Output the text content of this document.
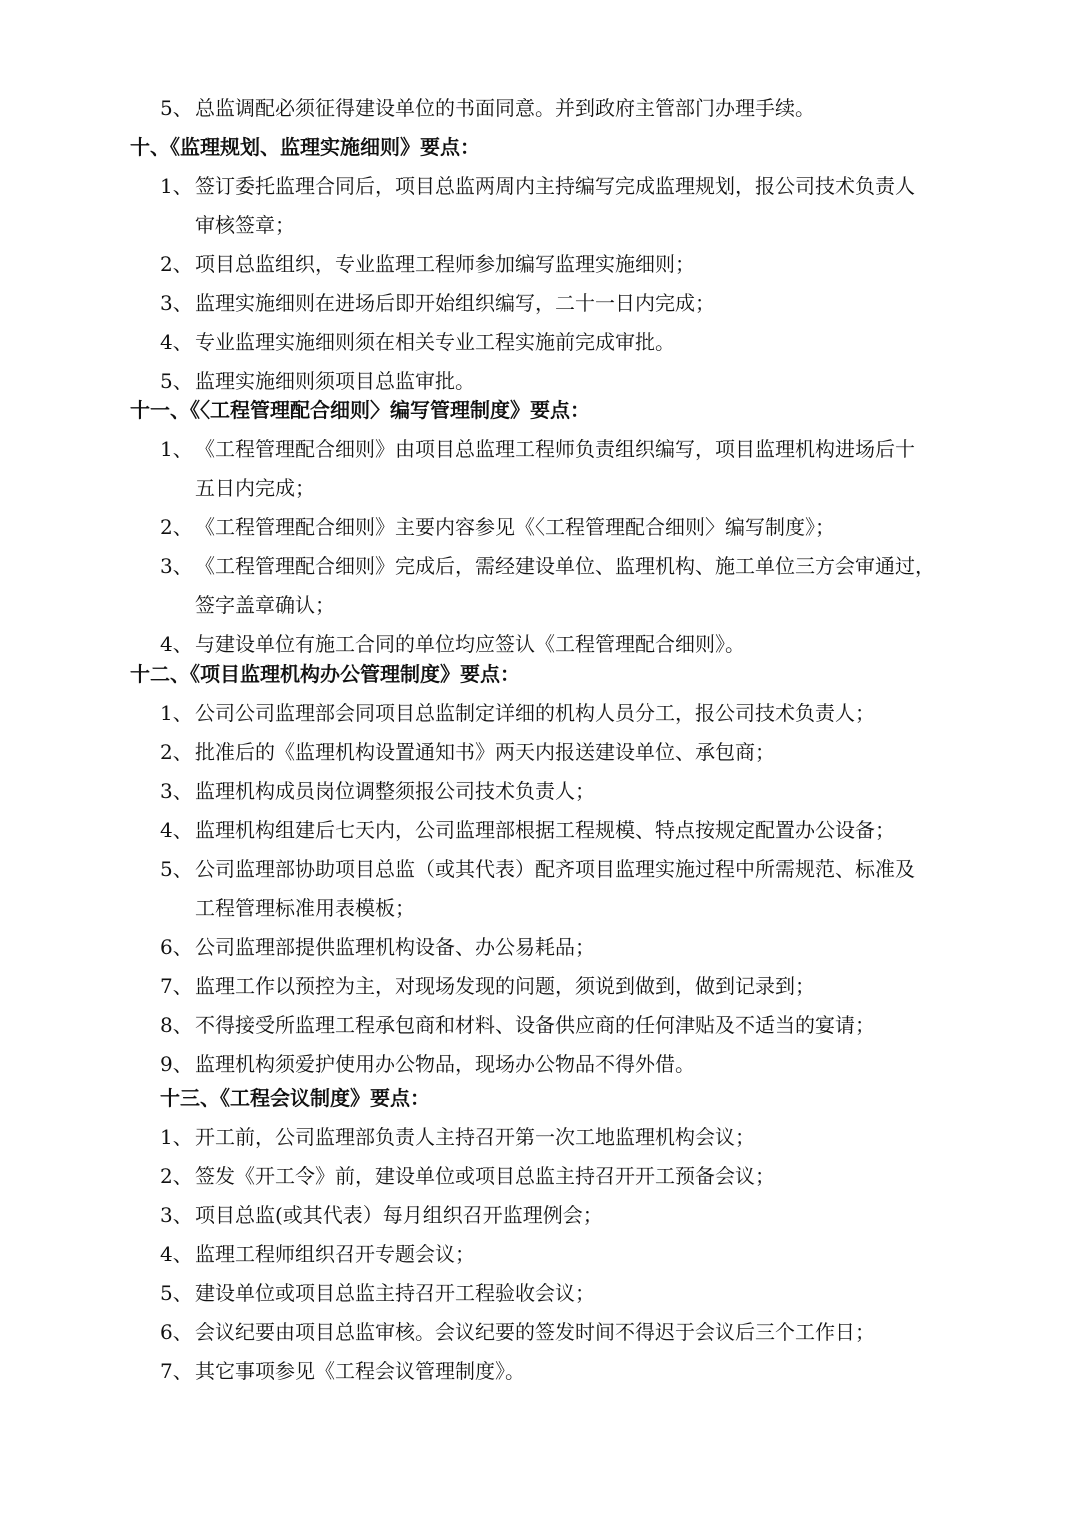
5、 总监调配必须征得建设单位的书面同意。并到政府主管部门办理手续。
十、《监理规划、监理实施细则》要点：
1、 签订委托监理合同后，项目总监两周内主持编写完成监理规划，报公司技术负责人
审核签章；
2、 项目总监组织，专业监理工程师参加编写监理实施细则；
3、 监理实施细则在进场后即开始组织编写，二十一日内完成；
4、 专业监理实施细则须在相关专业工程实施前完成审批。
5、 监理实施细则须项目总监审批。
十一、《〈工程管理配合细则〉编写管理制度》要点：
1、 《工程管理配合细则》由项目总监理工程师负责组织编写，项目监理机构进场后十
五日内完成；
2、 《工程管理配合细则》主要内容参见《〈工程管理配合细则〉编写制度》；
3、 《工程管理配合细则》完成后，需经建设单位、监理机构、施工单位三方会审通过，
签字盖章确认；
4、 与建设单位有施工合同的单位均应签认《工程管理配合细则》。
十二、《项目监理机构办公管理制度》要点：
1、 公司公司监理部会同项目总监制定详细的机构人员分工，报公司技术负责人；
2、 批准后的《监理机构设置通知书》两天内报送建设单位、承包商；
3、 监理机构成员岗位调整须报公司技术负责人；
4、 监理机构组建后七天内，公司监理部根据工程规模、特点按规定配置办公设备；
5、 公司监理部协助项目总监（或其代表）配齐项目监理实施过程中所需规范、标准及
工程管理标准用表模板；
6、 公司监理部提供监理机构设备、办公易耗品；
7、 监理工作以预控为主，对现场发现的问题，须说到做到，做到记录到；
8、 不得接受所监理工程承包商和材料、设备供应商的任何津贴及不适当的宴请；
9、 监理机构须爱护使用办公物品，现场办公物品不得外借。
十三、《工程会议制度》要点：
1、 开工前，公司监理部负责人主持召开第一次工地监理机构会议；
2、 签发《开工令》前，建设单位或项目总监主持召开开工预备会议；
3、 项目总监(或其代表）每月组织召开监理例会；
4、 监理工程师组织召开专题会议；
5、 建设单位或项目总监主持召开工程验收会议；
6、 会议纪要由项目总监审核。会议纪要的签发时间不得迟于会议后三个工作日；
7、 其它事项参见《工程会议管理制度》。
